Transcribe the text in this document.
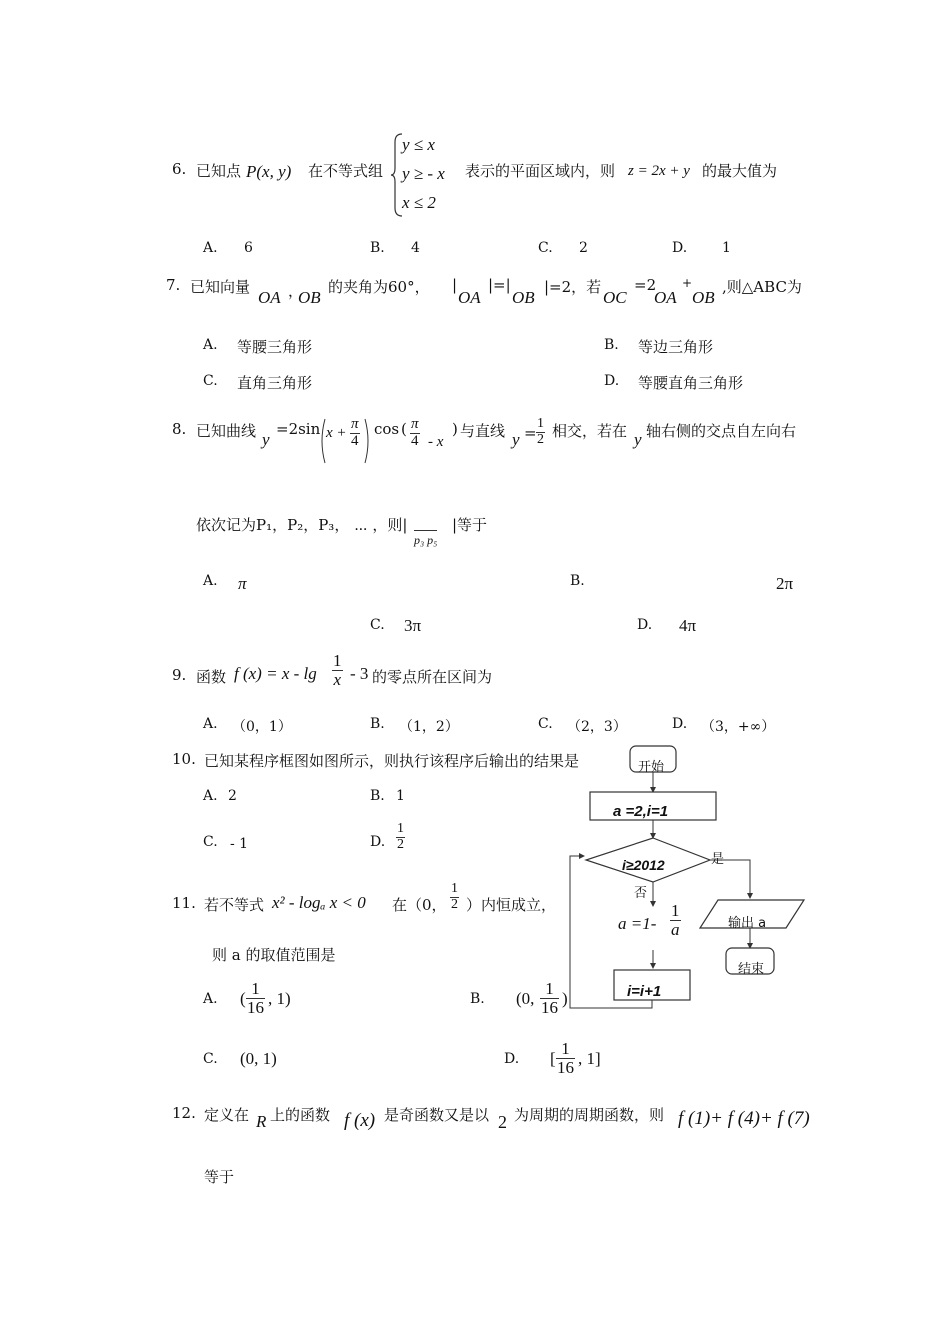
6. 已知点 P(x, y) 在不等式组
y ≤ x
y ≥ - x
x ≤ 2
表示的平面区域内，则 z = 2x + y 的最大值为
A. 6	B. 4	C. 2	D. 1
7. 已知向量
OA ，
OB
的夹角为60°， |
OA
|=|
OB
|=2，若
OC
=2
OA
+
OB
,则△ABC为
A. 等腰三角形	B. 等边三角形
C. 直角三角形	D. 等腰直角三角形
8. 已知曲线 y
=2sin $x + \frac{\pi}{4}$ cos ( $\frac{\pi}{4}$ - x
) 与直线 $y = \frac{1}{2}$ 相交，若在 y 轴右侧的交点自左向右
依次记为P₁，P₂，P₃， ⋯ ，则|
p₃ p₅
|等于
A. π	B.	2π
C. 3π	D. 4π
9. 函数 f $(x) = x - \lg \frac{1}{x} - 3$ 的零点所在区间为
A. （0，1）	B. （1，2）	C. （2，3）	D. （3，+∞）
10. 已知某程序框图如图所示，则执行该程序后输出的结果是
A. 2	B. 1
C. - 1	D. $\frac{1}{2}$
开始
a =2,i=1
i≥2012	是
否
$a =1- \frac{1}{a}$	输出 a
结束
i=i+1
11. 若不等式 x² - logₐ x < 0 在（0， $\frac{1}{2}$ ）内恒成立，
则 a 的取值范围是
A. ( $\frac{1}{16}$ , 1)	B. (0, $\frac{1}{16}$ )
C. (0, 1)	D. [ $\frac{1}{16}$ , 1]
12. 定义在 R 上的函数 f (x) 是奇函数又是以 2 为周期的周期函数，则 f (1)+ f (4)+ f (7)
等于
